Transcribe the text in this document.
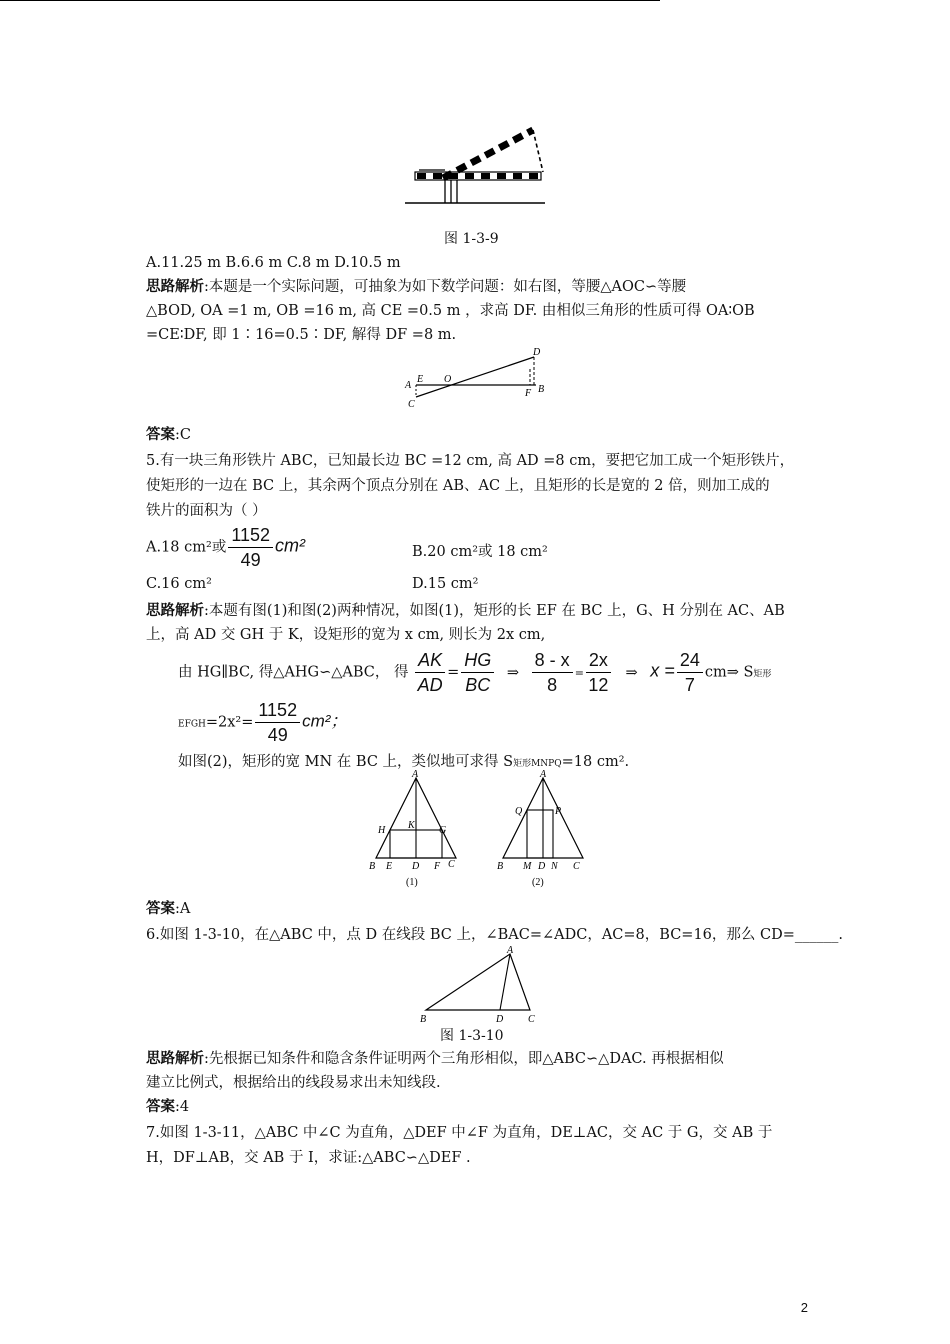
图 1-3-9
A.11.25 m B.6.6 m C.8 m D.10.5 m
思路解析:本题是一个实际问题，可抽象为如下数学问题：如右图，等腰△AOC∽等腰
△BOD, OA =1 m, OB =16 m, 高 CE =0.5 m ，求高 DF. 由相似三角形的性质可得 OA∶OB
=CE∶DF, 即 1∶16=0.5∶DF, 解得 DF =8 m.
A
E O
C
D
F B
答案:C
5.有一块三角形铁片 ABC，已知最长边 BC =12 cm, 高 AD =8 cm，要把它加工成一个矩形铁片，
使矩形的一边在 BC 上，其余两个顶点分别在 AB、AC 上，且矩形的长是宽的 2 倍，则加工成的
铁片的面积为（ ）
A.18 cm²或 $\frac{1152}{49} cm^2$	B.20 cm²或 18 cm²
C.16 cm²	D.15 cm²
思路解析:本题有图(1)和图(2)两种情况，如图(1)，矩形的长 EF 在 BC 上，G、H 分别在 AC、AB
上，高 AD 交 GH 于 K，设矩形的宽为 x cm, 则长为 2x cm,
由 HG∥BC, 得△AHG∽△ABC， 得 $\frac{AK}{AD} = \frac{HG}{BC}$ ⇒ $\frac{8 - x}{8} = \frac{2x}{12}$ ⇒ $x = \frac{24}{7}$ cm⇒ S矩形
EFGH=2x²= $\frac{1152}{49} cm^2$；
如图(2)，矩形的宽 MN 在 BC 上，类似地可求得 S矩形MNPQ=18 cm².
A
H K G
B E D F C
(1)
A
Q	P
B M D N C
(2)
答案:A
6.如图 1-3-10，在△ABC 中，点 D 在线段 BC 上，∠BAC=∠ADC，AC=8，BC=16，那么 CD=______.
A
B	D C
图 1-3-10
思路解析:先根据已知条件和隐含条件证明两个三角形相似，即△ABC∽△DAC. 再根据相似
建立比例式，根据给出的线段易求出未知线段.
答案:4
7.如图 1-3-11，△ABC 中∠C 为直角，△DEF 中∠F 为直角，DE⊥AC，交 AC 于 G，交 AB 于
H，DF⊥AB，交 AB 于 I，求证:△ABC∽△DEF .
2
